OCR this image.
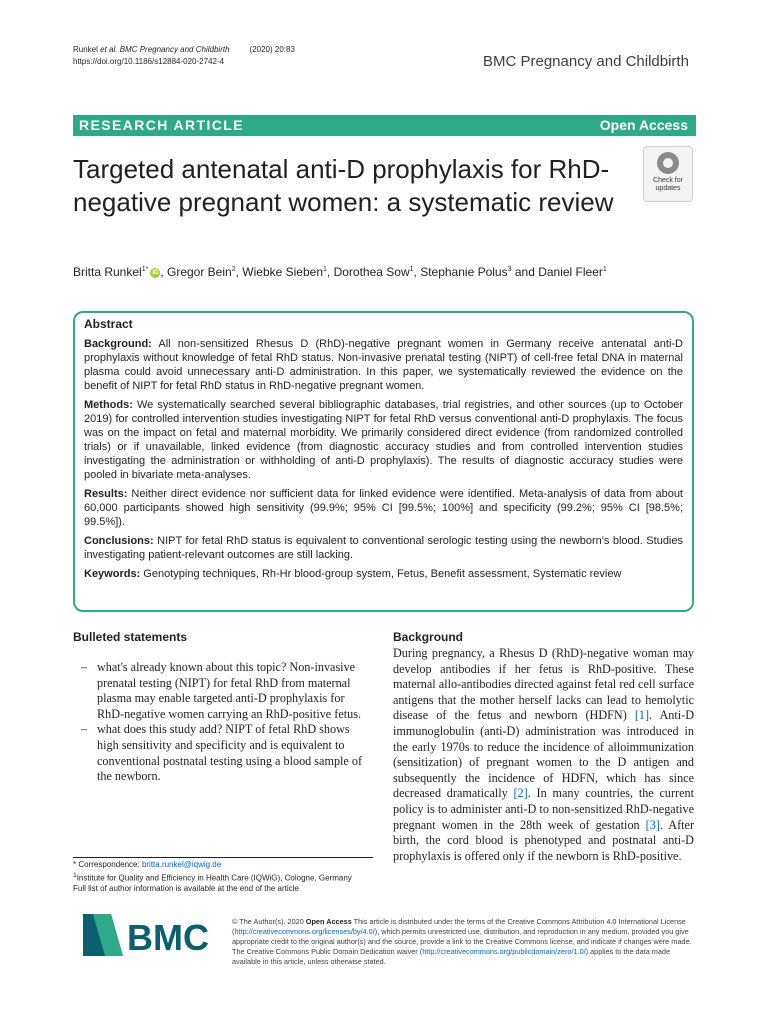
Runkel et al. BMC Pregnancy and Childbirth	(2020) 20:83
https://doi.org/10.1186/s12884-020-2742-4	BMC Pregnancy and Childbirth
RESEARCH ARTICLE	Open Access
Targeted antenatal anti-D prophylaxis for RhD-negative pregnant women: a systematic review
Check for
updates
Britta Runkel$^{1*}$ iD , Gregor Bein$^2$, Wiebke Sieben$^1$, Dorothea Sow$^1$, Stephanie Polus$^3$ and Daniel Fleer$^1$
Abstract

Background: All non-sensitized Rhesus D (RhD)-negative pregnant women in Germany receive antenatal anti-D prophylaxis without knowledge of fetal RhD status. Non-invasive prenatal testing (NIPT) of cell-free fetal DNA in maternal plasma could avoid unnecessary anti-D administration. In this paper, we systematically reviewed the evidence on the benefit of NIPT for fetal RhD status in RhD-negative pregnant women.

Methods: We systematically searched several bibliographic databases, trial registries, and other sources (up to October 2019) for controlled intervention studies investigating NIPT for fetal RhD versus conventional anti-D prophylaxis. The focus was on the impact on fetal and maternal morbidity. We primarily considered direct evidence (from randomized controlled trials) or if unavailable, linked evidence (from diagnostic accuracy studies and from controlled intervention studies investigating the administration or withholding of anti-D prophylaxis). The results of diagnostic accuracy studies were pooled in bivariate meta-analyses.

Results: Neither direct evidence nor sufficient data for linked evidence were identified. Meta-analysis of data from about 60,000 participants showed high sensitivity (99.9%; 95% CI [99.5%; 100%] and specificity (99.2%; 95% CI [98.5%; 99.5%]).

Conclusions: NIPT for fetal RhD status is equivalent to conventional serologic testing using the newborn's blood. Studies investigating patient-relevant outcomes are still lacking.

Keywords: Genotyping techniques, Rh-Hr blood-group system, Fetus, Benefit assessment, Systematic review

Bulleted statements
– what's already known about this topic? Non-invasive prenatal testing (NIPT) for fetal RhD from maternal plasma may enable targeted anti-D prophylaxis for RhD-negative women carrying an RhD-positive fetus.
– what does this study add? NIPT of fetal RhD shows high sensitivity and specificity and is equivalent to conventional postnatal testing using a blood sample of the newborn.
Background

During pregnancy, a Rhesus D (RhD)-negative woman may develop antibodies if her fetus is RhD-positive. These maternal allo-antibodies directed against fetal red cell surface antigens that the mother herself lacks can lead to hemolytic disease of the fetus and newborn (HDFN) [1]. Anti-D immunoglobulin (anti-D) administration was introduced in the early 1970s to reduce the incidence of alloimmunization (sensitization) of pregnant women to the D antigen and subsequently the incidence of HDFN, which has since decreased dramatically [2]. In many countries, the current policy is to administer anti-D to non-sensitized RhD-negative pregnant women in the 28th week of gestation [3]. After birth, the cord blood is phenotyped and postnatal anti-D prophylaxis is offered only if the newborn is RhD-positive.

* Correspondence: britta.runkel@iqwig.de
$^1$Institute for Quality and Efficiency in Health Care (IQWiG), Cologne, Germany
Full list of author information is available at the end of the article
BMC	© The Author(s). 2020 Open Access This article is distributed under the terms of the Creative Commons Attribution 4.0 International License (http://creativecommons.org/licenses/by/4.0/), which permits unrestricted use, distribution, and reproduction in any medium, provided you give appropriate credit to the original author(s) and the source, provide a link to the Creative Commons license, and indicate if changes were made. The Creative Commons Public Domain Dedication waiver (http://creativecommons.org/publicdomain/zero/1.0/) applies to the data made available in this article, unless otherwise stated.
